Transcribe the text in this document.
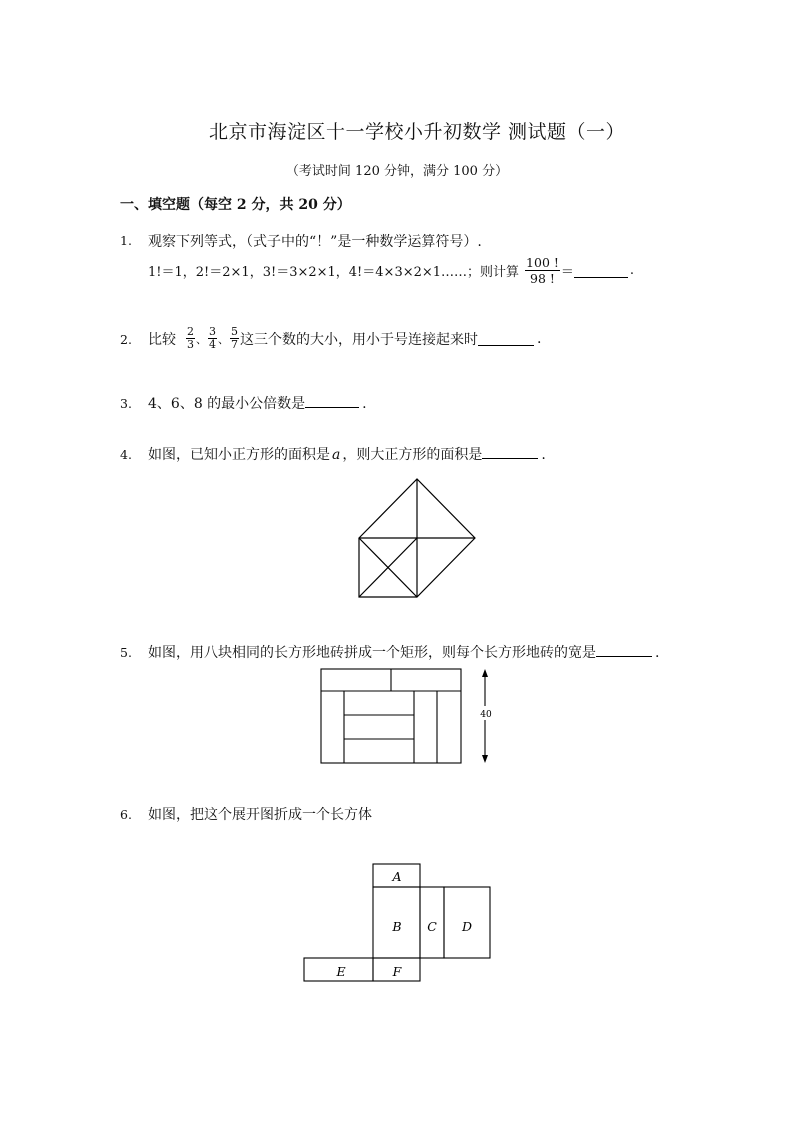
北京市海淀区十一学校小升初数学 测试题（一）
（考试时间 120 分钟，满分 100 分）
一、填空题（每空 2 分，共 20 分）
1. 观察下列等式，（式子中的“！”是一种数学运算符号）.
1!＝1，2!＝2×1，3!＝3×2×1，4!＝4×3×2×1……；则计算 $\frac{100 !}{98 !}$ ＝	.
2. 比较 $\frac{2}{3}$ 、 $\frac{3}{4}$ 、 $\frac{5}{7}$ 这三个数的大小，用小于号连接起来时	.
3. 4、6、8 的最小公倍数是	.
4. 如图，已知小正方形的面积是 a ，则大正方形的面积是	.
5. 如图，用八块相同的长方形地砖拼成一个矩形，则每个长方形地砖的宽是	.
40
6. 如图，把这个展开图折成一个长方体
A
B C D
E	F
